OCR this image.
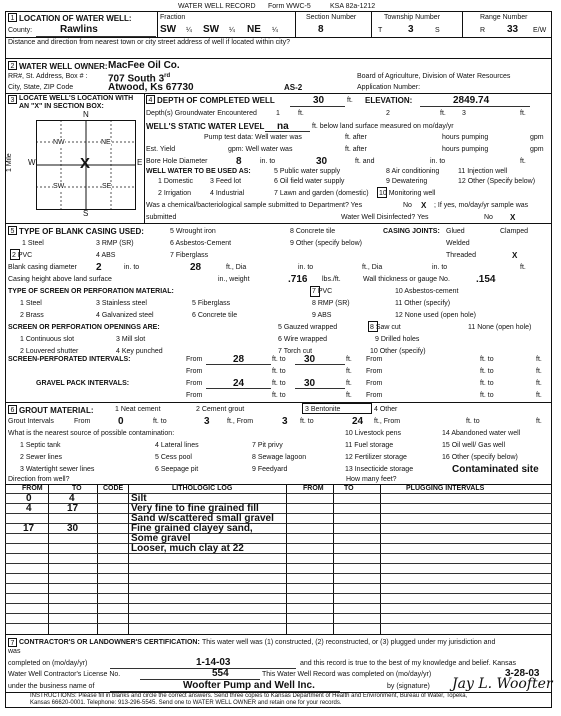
WATER WELL RECORD Form WWC-5	KSA 82a-1212
1 LOCATION OF WATER WELL:
County:	Rawlins
Fraction
SW ¼ SW ¼ NE ¼
Section Number
8
Township Number
T	3	S
Range Number
R 33 E/W
Distance and direction from nearest town or city street address of well if located within city?
2 WATER WELL OWNER: MacFee Oil Co.
RR#, St. Address, Box # : 707 South 3rd
City, State, ZIP Code	Atwood, Ks 67730	AS-2
Board of Agriculture, Division of Water Resources
Application Number:
3 LOCATE WELL'S LOCATION WITH AN "X" IN SECTION BOX:
N
S
W	E
1 Mile
NW	NE
SW	SE
X
4 DEPTH OF COMPLETED WELL	30	ft. ELEVATION:	2849.74
Depth(s) Groundwater Encountered	1	ft.	2	ft. 3	ft.
WELL'S STATIC WATER LEVEL na	ft. below land surface measured on mo/day/yr
Pump test data: Well water was	ft. after	hours pumping	gpm
Est. Yield	gpm: Well water was	ft. after	hours pumping	gpm
Bore Hole Diameter	8	in. to	30	ft. and	in. to	ft.
WELL WATER TO BE USED AS:
1 Domestic 3 Feed lot
5 Public water supply	8 Air conditioning	11 Injection well
2 Irrigation	4 Industrial
6 Oil field water supply	9 Dewatering	12 Other (Specify below)
7 Lawn and garden (domestic) 10 Monitoring well
Was a chemical/bacteriological sample submitted to Department? Yes	No X ; If yes, mo/day/yr sample was
submitted	Water Well Disinfected? Yes	No X
5 TYPE OF BLANK CASING USED:
1 Steel
2 PVC
3 RMP (SR)
4 ABS
5 Wrought iron
6 Asbestos-Cement
7 Fiberglass
8 Concrete tile
9 Other (specify below)
CASING JOINTS: Glued	Clamped
Welded
Threaded	X
Blank casing diameter 2	in. to	28	ft., Dia	in. to	ft., Dia	in. to	ft.
Casing height above land surface	in., weight	.716 lbs./ft.	Wall thickness or gauge No.	.154
TYPE OF SCREEN OR PERFORATION MATERIAL:
1 Steel
2 Brass
3 Stainless steel
4 Galvanized steel
5 Fiberglass
6 Concrete tile
7 PVC
8 RMP (SR)
9 ABS
10 Asbestos-cement
11 Other (specify)
12 None used (open hole)
SCREEN OR PERFORATION OPENINGS ARE:
1 Continuous slot
2 Louvered shutter
3 Mill slot
4 Key punched
5 Gauzed wrapped
6 Wire wrapped
7 Torch cut
8 Saw cut
9 Drilled holes
10 Other (specify)
11 None (open hole)
SCREEN-PERFORATED INTERVALS:	From	28	ft. to 30	ft. From	ft. to	ft.
From	ft. to	ft. From	ft. to	ft.
GRAVEL PACK INTERVALS:	From	24	ft. to 30	ft. From	ft. to	ft.
From	ft. to	ft. From	ft. to	ft.
6 GROUT MATERIAL:	1 Neat cement	2 Cement grout	3 Bentonite	4 Other
Grout Intervals	From	0	ft. to	3 ft., From	3 ft. to	24 ft., From	ft. to	ft.
What is the nearest source of possible contamination:
1 Septic tank
2 Sewer lines
3 Watertight sewer lines
4 Lateral lines
5 Cess pool
6 Seepage pit
7 Pit privy
8 Sewage lagoon
9 Feedyard
10 Livestock pens
11 Fuel storage
12 Fertilizer storage
13 Insecticide storage
14 Abandoned water well
15 Oil well/ Gas well
16 Other (specify below)
Contaminated site
Direction from well?	How many feet?
FROM	TO	CODE	LITHOLOGIC LOG	FROM	TO	PLUGGING INTERVALS
0	4	Silt
4	17	Very fine to fine grained fill
Sand w/scattered small gravel
17	30	Fine grained clayey sand,
Some gravel
Looser, much clay at 22
7 CONTRACTOR'S OR LANDOWNER'S CERTIFICATION: This water well was (1) constructed, (2) reconstructed, or (3) plugged under my jurisdiction and
was
completed on (mo/day/yr)	1-14-03	and this record is true to the best of my knowledge and belief. Kansas
Water Well Contractor's License No.	554	This Water Well Record was completed on (mo/day/yr)	3-28-03
under the business name of	Woofter Pump and Well Inc.	by (signature) Jay L. Woofter
INSTRUCTIONS: Please fill in blanks and circle the correct answers. Send three copies to Kansas Department of Health and Environment, Bureau of Water, Topeka,
Kansas 66620-0001. Telephone: 913-296-5545. Send one to WATER WELL OWNER and retain one for your records.
